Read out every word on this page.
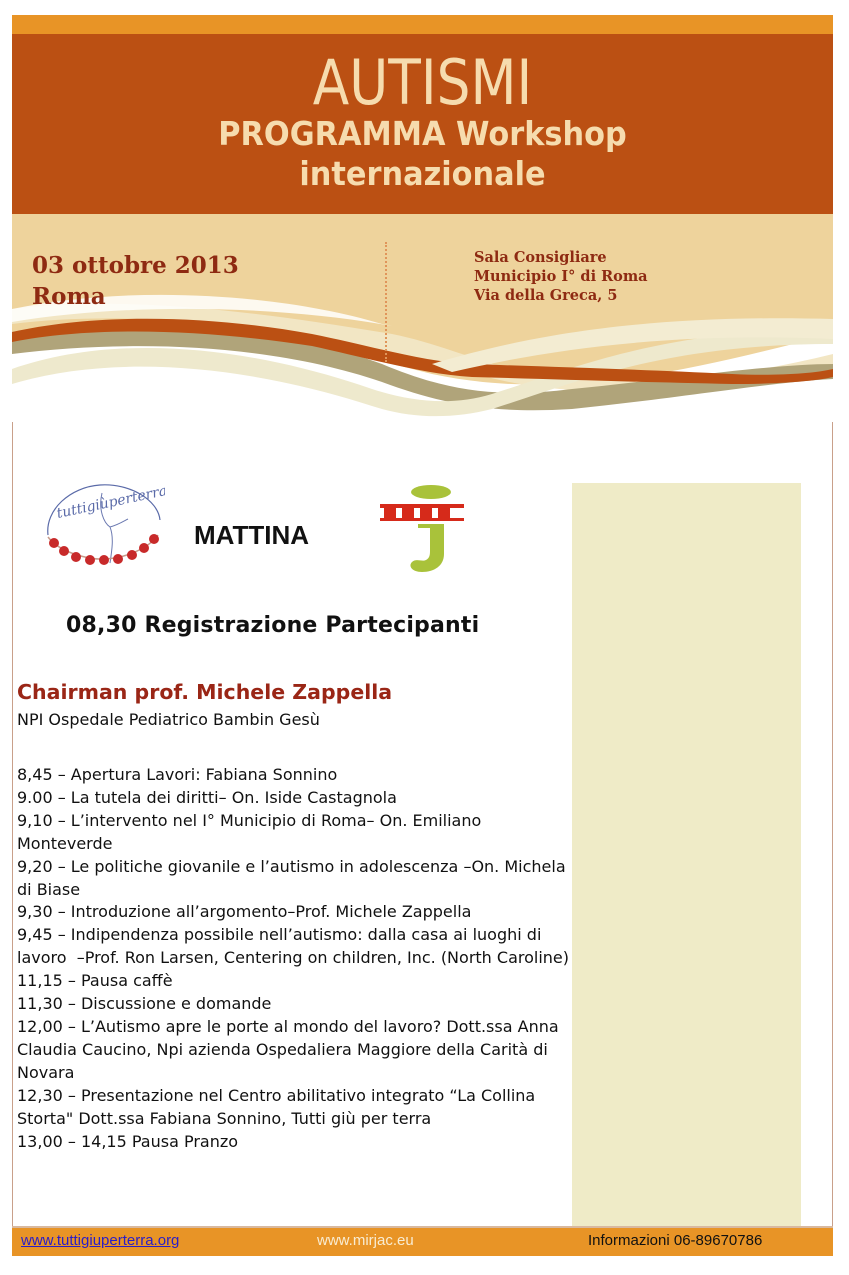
AUTISMI
PROGRAMMA Workshop
internazionale
03 ottobre 2013
Roma
Sala Consigliare
Municipio I° di Roma
Via della Greca, 5
tuttigiùperterra
MATTINA
08,30 Registrazione Partecipanti
Chairman prof. Michele Zappella
NPI Ospedale Pediatrico Bambin Gesù
8,45 – Apertura Lavori: Fabiana Sonnino
9.00 – La tutela dei diritti– On. Iside Castagnola
9,10 – L’intervento nel I° Municipio di Roma– On. Emiliano Monteverde
9,20 – Le politiche giovanile e l’autismo in adolescenza –On. Michela di Biase
9,30 – Introduzione all’argomento–Prof. Michele Zappella
9,45 – Indipendenza possibile nell’autismo: dalla casa ai luoghi di lavoro  –Prof. Ron Larsen, Centering on children, Inc. (North Caroline)
11,15 – Pausa caffè
11,30 – Discussione e domande
12,00 – L’Autismo apre le porte al mondo del lavoro? Dott.ssa Anna Claudia Caucino, Npi azienda Ospedaliera Maggiore della Carità di Novara
12,30 – Presentazione nel Centro abilitativo integrato “La Collina Storta" Dott.ssa Fabiana Sonnino, Tutti giù per terra
13,00 – 14,15 Pausa Pranzo
www.tuttigiuperterra.org	www.mirjac.eu	Informazioni 06-89670786
